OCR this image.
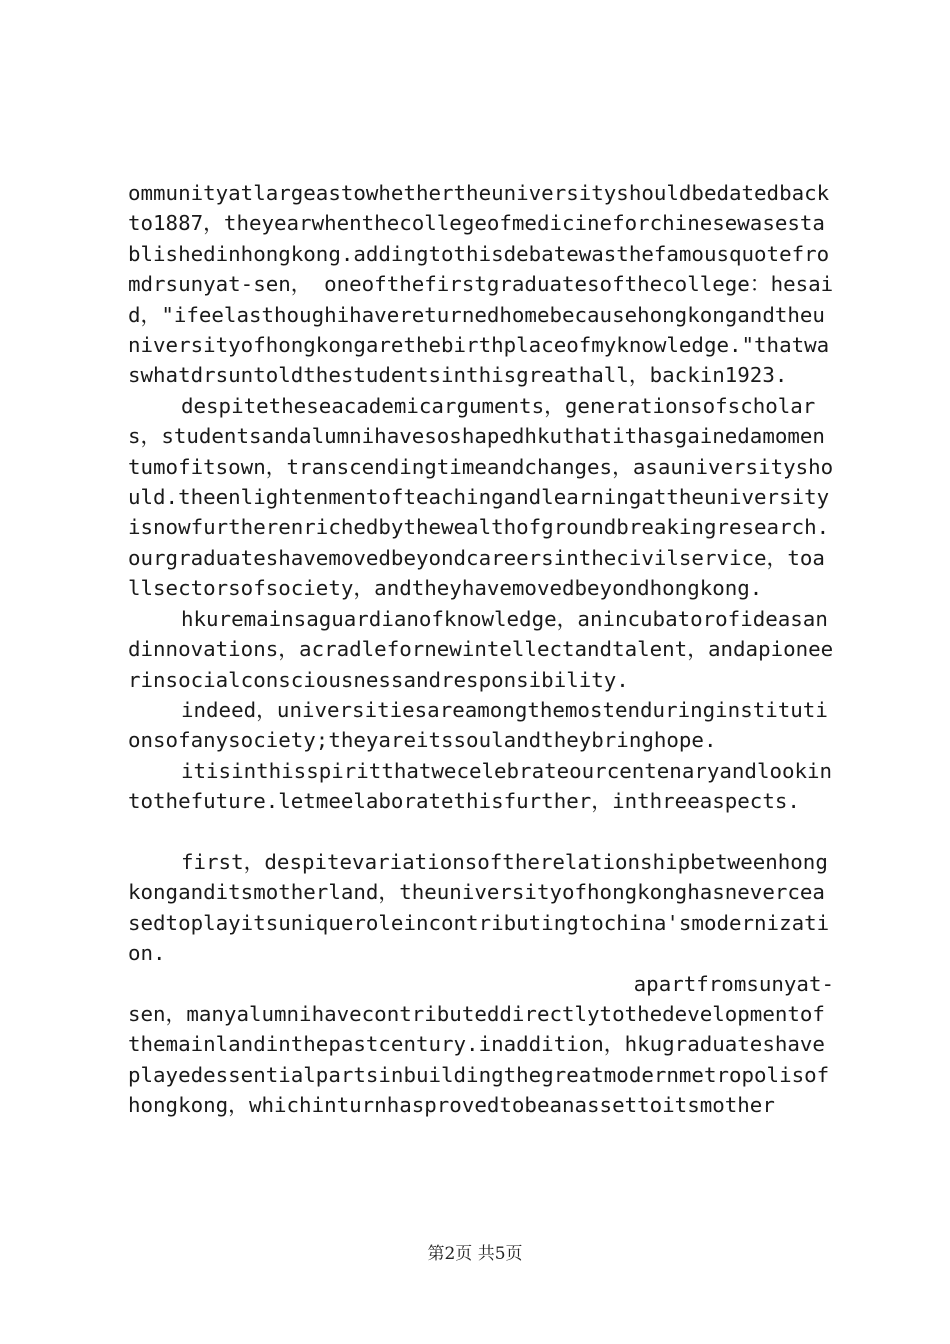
ommunityatlargeastowhethertheuniversityshouldbedatedbackto1887，theyearwhenthecollegeofmedicineforchinesewasestablishedinhongkong.addingtothisdebatewasthefamousquotefromdrsunyat-sen， oneofthefirstgraduatesofthecollege：hesaid，"ifeelasthoughihavereturnedhomebecausehongkongandtheuniversityofhongkongarethebirthplaceofmyknowledge."thatwaswhatdrsuntoldthestudentsinthisgreathall，backin1923.

despitetheseacademicarguments，generationsofscholars，studentsandalumnihavesoshapedhkuthatithasgainedamomentumofitsown，transcendingtimeandchanges，asauniversityshould.theenlightenmentofteachingandlearningattheuniversityisnowfurtherenrichedbythewealthofgroundbreakingresearch.ourgraduateshavemovedbeyondcareersinthecivilservice，toallsectorsofsociety，andtheyhavemovedbeyondhongkong.

hkuremainsaguardianofknowledge，anincubatorofideasandinnovations，acradlefornewintellectandtalent，andapioneerinsocialconsciousnessandresponsibility.

indeed，universitiesareamongthemostenduringinstitutionsofanysociety;theyareitssoulandtheybringhope.

itisinthisspiritthatwecelebrateourcentenaryandlookintothefuture.letmeelaboratethisfurther，inthreeaspects.

first，despitevariationsoftherelationshipbetweenhongkonganditsmotherland，theuniversityofhongkonghasneverceasedtoplayitsuniqueroleincontributingtochina'smodernization.

apartfromsunyat-

sen，manyalumnihavecontributeddirectlytothedevelopmentofthemainlandinthepastcentury.inaddition，hkugraduateshaveplayedessentialpartsinbuildingthegreatmodernmetropolisofhongkong，whichinturnhasprovedtobeanassettoitsmother

第2页 共5页
